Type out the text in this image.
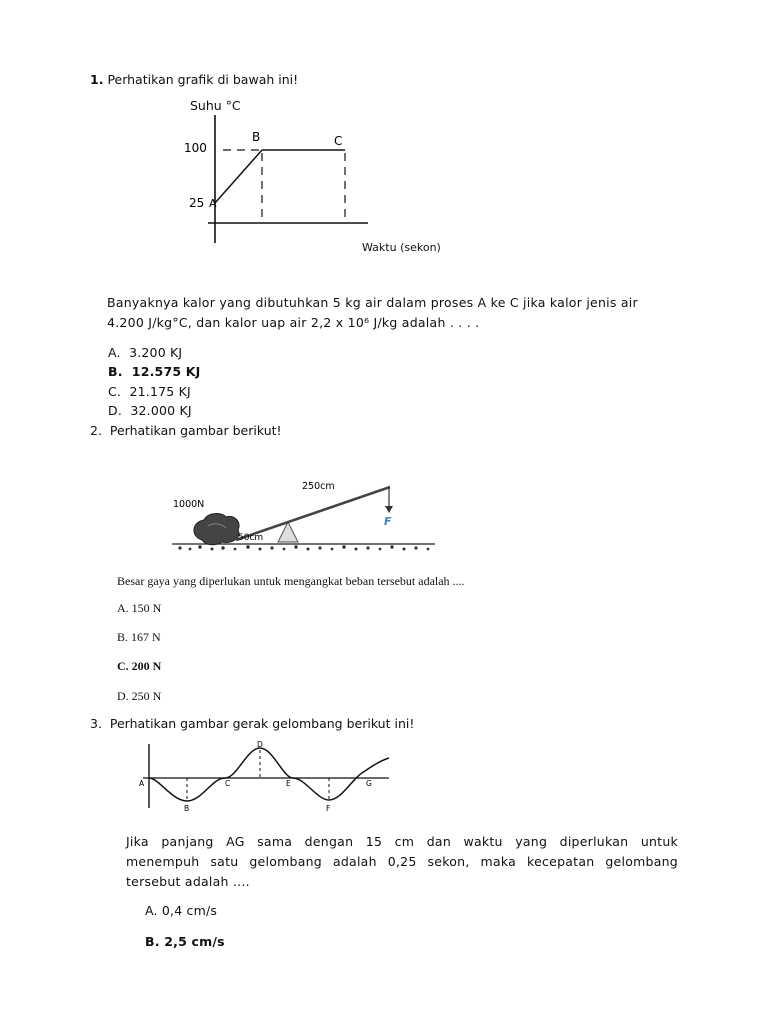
1. Perhatikan grafik di bawah ini!
Suhu °C
100
25 A
B	C
Waktu (sekon)
Banyaknya kalor yang dibutuhkan 5 kg air dalam proses A ke C jika kalor jenis air
4.200 J/kg°C, dan kalor uap air 2,2 x 10⁶ J/kg adalah . . . .
A. 3.200 KJ
B. 12.575 KJ
C. 21.175 KJ
D. 32.000 KJ
2. Perhatikan gambar berikut!
1000N
250cm
50cm
F
Besar gaya yang diperlukan untuk mengangkat beban tersebut adalah ....
A. 150 N
B. 167 N
C. 200 N
D. 250 N
3. Perhatikan gambar gerak gelombang berikut ini!
A
B
C
D
E
F
G
Jika panjang AG sama dengan 15 cm dan waktu yang diperlukan untuk
menempuh satu gelombang adalah 0,25 sekon, maka kecepatan gelombang
tersebut adalah ....
A. 0,4 cm/s
B. 2,5 cm/s
